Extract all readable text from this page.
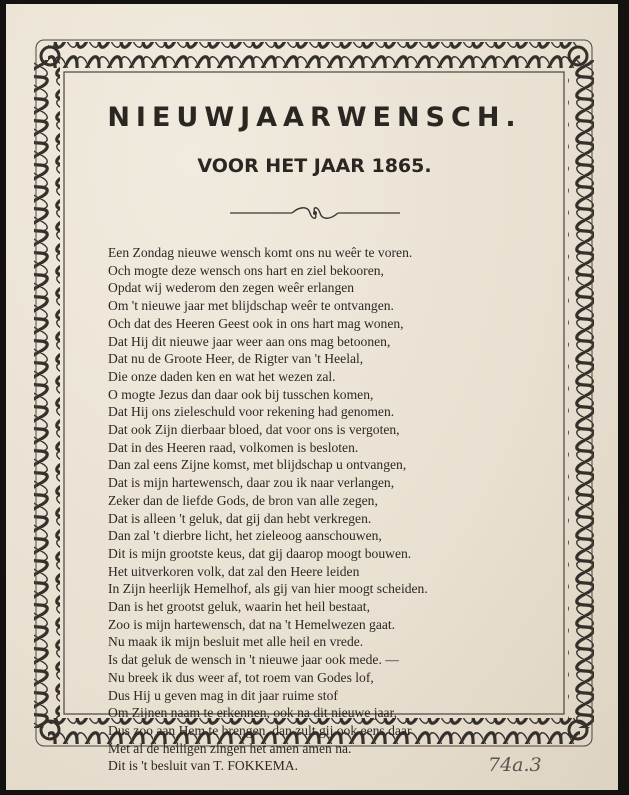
NIEUWJAARWENSCH.
VOOR HET JAAR 1865.
Een Zondag nieuwe wensch komt ons nu weêr te voren.
Och mogte deze wensch ons hart en ziel bekooren,
Opdat wij wederom den zegen weêr erlangen
Om 't nieuwe jaar met blijdschap weêr te ontvangen.
Och dat des Heeren Geest ook in ons hart mag wonen,
Dat Hij dit nieuwe jaar weer aan ons mag betoonen,
Dat nu de Groote Heer, de Rigter van 't Heelal,
Die onze daden ken en wat het wezen zal.
O mogte Jezus dan daar ook bij tusschen komen,
Dat Hij ons zieleschuld voor rekening had genomen.
Dat ook Zijn dierbaar bloed, dat voor ons is vergoten,
Dat in des Heeren raad, volkomen is besloten.
Dan zal eens Zijne komst, met blijdschap u ontvangen,
Dat is mijn hartewensch, daar zou ik naar verlangen,
Zeker dan de liefde Gods, de bron van alle zegen,
Dat is alleen 't geluk, dat gij dan hebt verkregen.
Dan zal 't dierbre licht, het zieleoog aanschouwen,
Dit is mijn grootste keus, dat gij daarop moogt bouwen.
Het uitverkoren volk, dat zal den Heere leiden
In Zijn heerlijk Hemelhof, als gij van hier moogt scheiden.
Dan is het grootst geluk, waarin het heil bestaat,
Zoo is mijn hartewensch, dat na 't Hemelwezen gaat.
Nu maak ik mijn besluit met alle heil en vrede.
Is dat geluk de wensch in 't nieuwe jaar ook mede. —
Nu breek ik dus weer af, tot roem van Godes lof,
Dus Hij u geven mag in dit jaar ruime stof
Om Zijnen naam te erkennen, ook na dit nieuwe jaar,
Dus zoo aan Hem te brengen, dan zult gij ook eens daar
Met al de heiligen zingen het amen amen na.
Dit is 't besluit van T. FOKKEMA.	74a.3
